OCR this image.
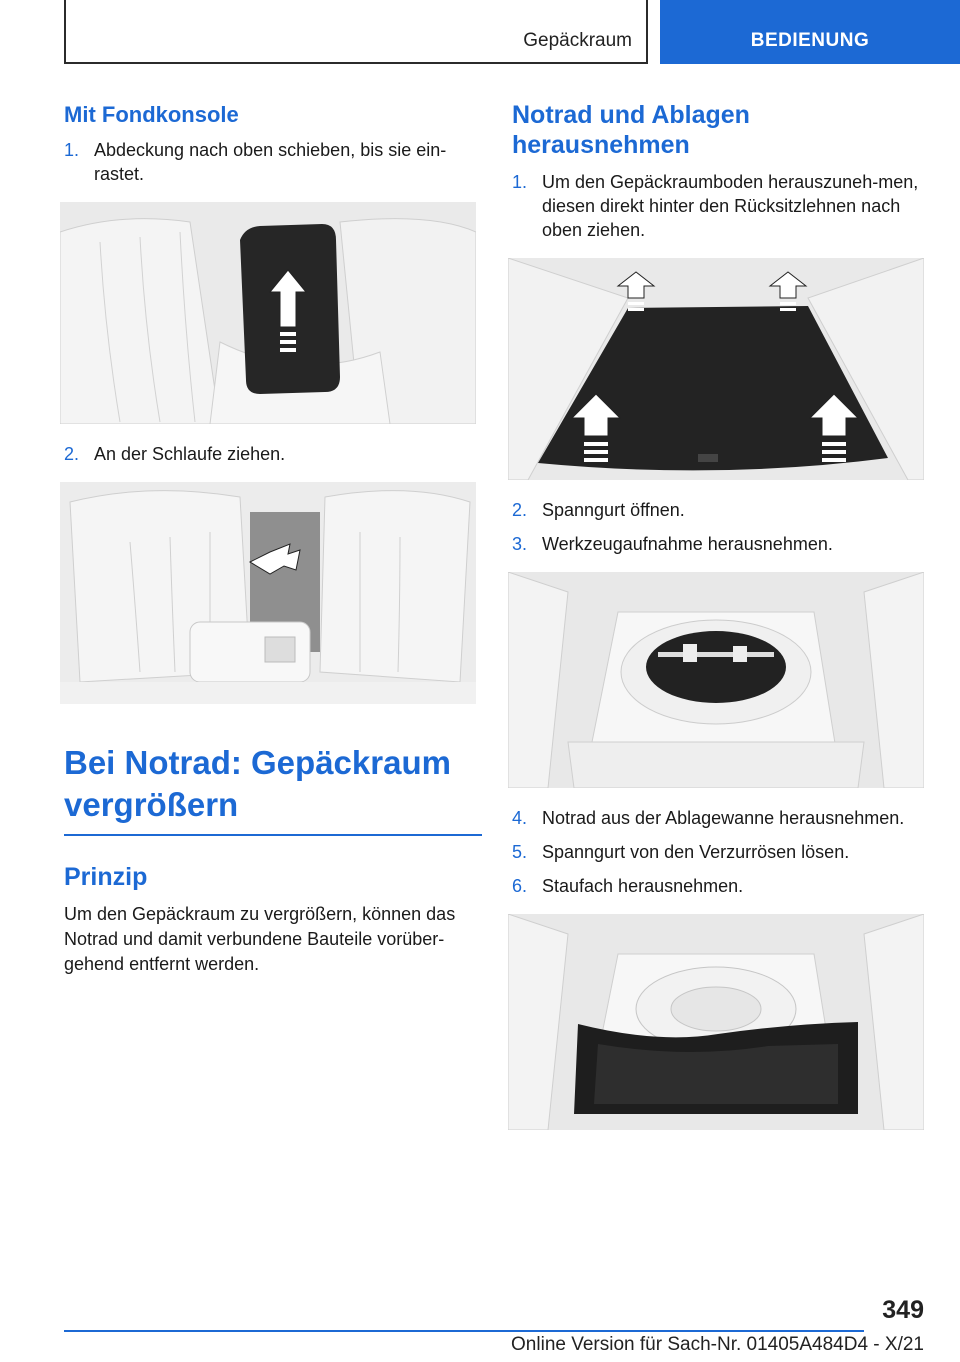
Gepäckraum	BEDIENUNG
Mit Fondkonsole
1. Abdeckung nach oben schieben, bis sie ein-rastet.
2. An der Schlaufe ziehen.
Bei Notrad: Gepäckraum vergrößern
Prinzip

Um den Gepäckraum zu vergrößern, können das Notrad und damit verbundene Bauteile vorüber-gehend entfernt werden.

Notrad und Ablagen herausnehmen
1. Um den Gepäckraumboden herauszuneh-men, diesen direkt hinter den Rücksitzlehnen nach oben ziehen.
2. Spanngurt öffnen.
3. Werkzeugaufnahme herausnehmen.
4. Notrad aus der Ablagewanne herausnehmen.
5. Spanngurt von den Verzurrösen lösen.
6. Staufach herausnehmen.
349
Online Version für Sach-Nr. 01405A484D4 - X/21
